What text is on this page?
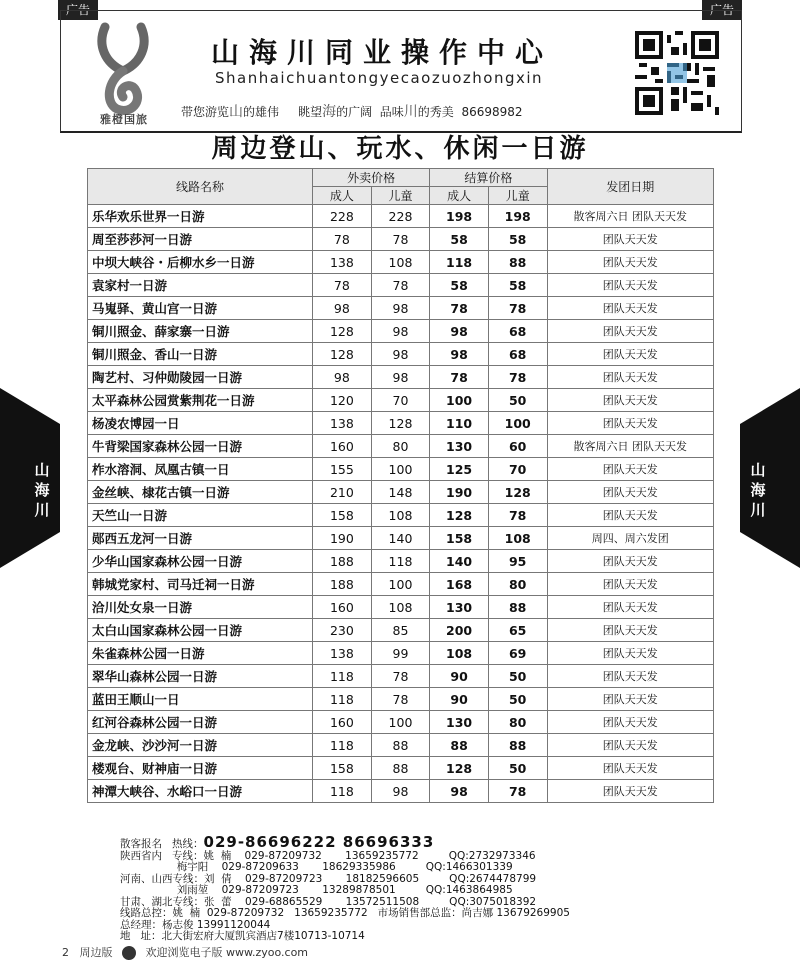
广告	广告
雅橙国旅
山海川同业操作中心
Shanhaichuantongyecaozuozhongxin
带您游览山的雄伟 眺望海的广阔 品味川的秀美 86698982
周边登山、玩水、休闲一日游
线路名称	外卖价格		结算价格		发团日期
	成人	儿童	成人	儿童	
乐华欢乐世界一日游	228	228	198	198	散客周六日 团队天天发
周至莎莎河一日游	78	78	58	58	团队天天发
中坝大峡谷・后柳水乡一日游	138	108	118	88	团队天天发
袁家村一日游	78	78	58	58	团队天天发
马嵬驿、黄山宫一日游	98	98	78	78	团队天天发
铜川照金、薛家寨一日游	128	98	98	68	团队天天发
铜川照金、香山一日游	128	98	98	68	团队天天发
陶艺村、习仲勋陵园一日游	98	98	78	78	团队天天发
太平森林公园赏紫荆花一日游	120	70	100	50	团队天天发
杨凌农博园一日	138	128	110	100	团队天天发
牛背梁国家森林公园一日游	160	80	130	60	散客周六日 团队天天发
柞水溶洞、凤凰古镇一日	155	100	125	70	团队天天发
金丝峡、棣花古镇一日游	210	148	190	128	团队天天发
天竺山一日游	158	108	128	78	团队天天发
郧西五龙河一日游	190	140	158	108	周四、周六发团
少华山国家森林公园一日游	188	118	140	95	团队天天发
韩城党家村、司马迁祠一日游	188	100	168	80	团队天天发
洽川处女泉一日游	160	108	130	88	团队天天发
太白山国家森林公园一日游	230	85	200	65	团队天天发
朱雀森林公园一日游	138	99	108	69	团队天天发
翠华山森林公园一日游	118	78	90	50	团队天天发
蓝田王顺山一日	118	78	90	50	团队天天发
红河谷森林公园一日游	160	100	130	80	团队天天发
金龙峡、沙沙河一日游	118	88	88	88	团队天天发
楼观台、财神庙一日游	158	88	128	50	团队天天发
神潭大峡谷、水峪口一日游	118	98	98	78	团队天天发
山海川
山海川
散客报名   热线：029-86696222 86696333
陕西省内   专线：姚  楠    029-87209732       13659235772         QQ:2732973346
梅宇阳    029-87209633       18629335986         QQ:1466301339
河南、山西专线：刘  倩    029-87209723       18182596605         QQ:2674478799
刘雨堃    029-87209723       13289878501         QQ:1463864985
甘肃、湖北专线：张  蕾    029-68865529       13572511508         QQ:3075018392
线路总控：姚  楠  029-87209732   13659235772   市场销售部总监：尚吉娜 13679269905
总经理：杨志俊 13991120044
地   址：北大街宏府大厦凯宾酒店7楼10713-10714
2 周边版	欢迎浏览电子版 www.zyoo.com
